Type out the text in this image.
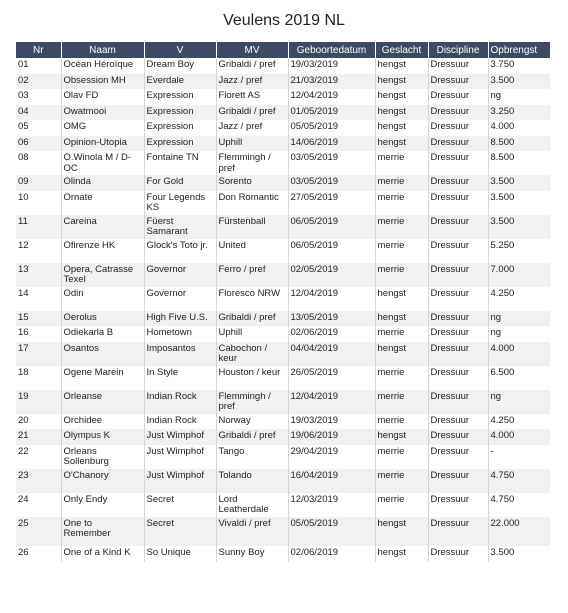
Veulens 2019 NL
Nr	Naam	V	MV	Geboortedatum	Geslacht	Discipline	Opbrengst
01	Océan Héroïque	Dream Boy	Gribaldi / pref	19/03/2019	hengst	Dressuur	3.750
02	Obsession MH	Everdale	Jazz / pref	21/03/2019	hengst	Dressuur	3.500
03	Olav FD	Expression	Florett AS	12/04/2019	hengst	Dressuur	ng
04	Owatmooi	Expression	Gribaldi / pref	01/05/2019	hengst	Dressuur	3.250
05	OMG	Expression	Jazz / pref	05/05/2019	hengst	Dressuur	4.000
06	Opinion-Utopia	Expression	Uphill	14/06/2019	hengst	Dressuur	8.500
08	O.Winola M / D-OC	Fontaine TN	Flemmingh / pref	03/05/2019	merrie	Dressuur	8.500
09	Olinda	For Gold	Sorento	03/05/2019	merrie	Dressuur	3.500
10	Ornate	Four Legends KS	Don Romantic	27/05/2019	merrie	Dressuur	3.500
11	Careina	Füerst Samarant	Fürstenball	06/05/2019	merrie	Dressuur	3.500
12	Ofirenze HK	Glock's Toto jr.	United	06/05/2019	merrie	Dressuur	5.250
13	Opera, Catrasse Texel	Governor	Ferro / pref	02/05/2019	merrie	Dressuur	7.000
14	Odin	Governor	Floresco NRW	12/04/2019	hengst	Dressuur	4.250
15	Oerolus	High Five U.S.	Gribaldi / pref	13/05/2019	hengst	Dressuur	ng
16	Odiekarla B	Hometown	Uphill	02/06/2019	merrie	Dressuur	ng
17	Osantos	Imposantos	Cabochon / keur	04/04/2019	hengst	Dressuur	4.000
18	Ogene Marein	In Style	Houston / keur	26/05/2019	merrie	Dressuur	6.500
19	Orleanse	Indian Rock	Flemmingh / pref	12/04/2019	merrie	Dressuur	ng
20	Orchidee	Indian Rock	Norway	19/03/2019	merrie	Dressuur	4.250
21	Olympus K	Just Wimphof	Gribaldi / pref	19/06/2019	hengst	Dressuur	4.000
22	Orleans Sollenburg	Just Wimphof	Tango	29/04/2019	merrie	Dressuur	-
23	O'Chanory	Just Wimphof	Tolando	16/04/2019	merrie	Dressuur	4.750
24	Only Endy	Secret	Lord Leatherdale	12/03/2019	merrie	Dressuur	4.750
25	One to Remember	Secret	Vivaldi / pref	05/05/2019	hengst	Dressuur	22.000
26	One of a Kind K	So Unique	Sunny Boy	02/06/2019	hengst	Dressuur	3.500
